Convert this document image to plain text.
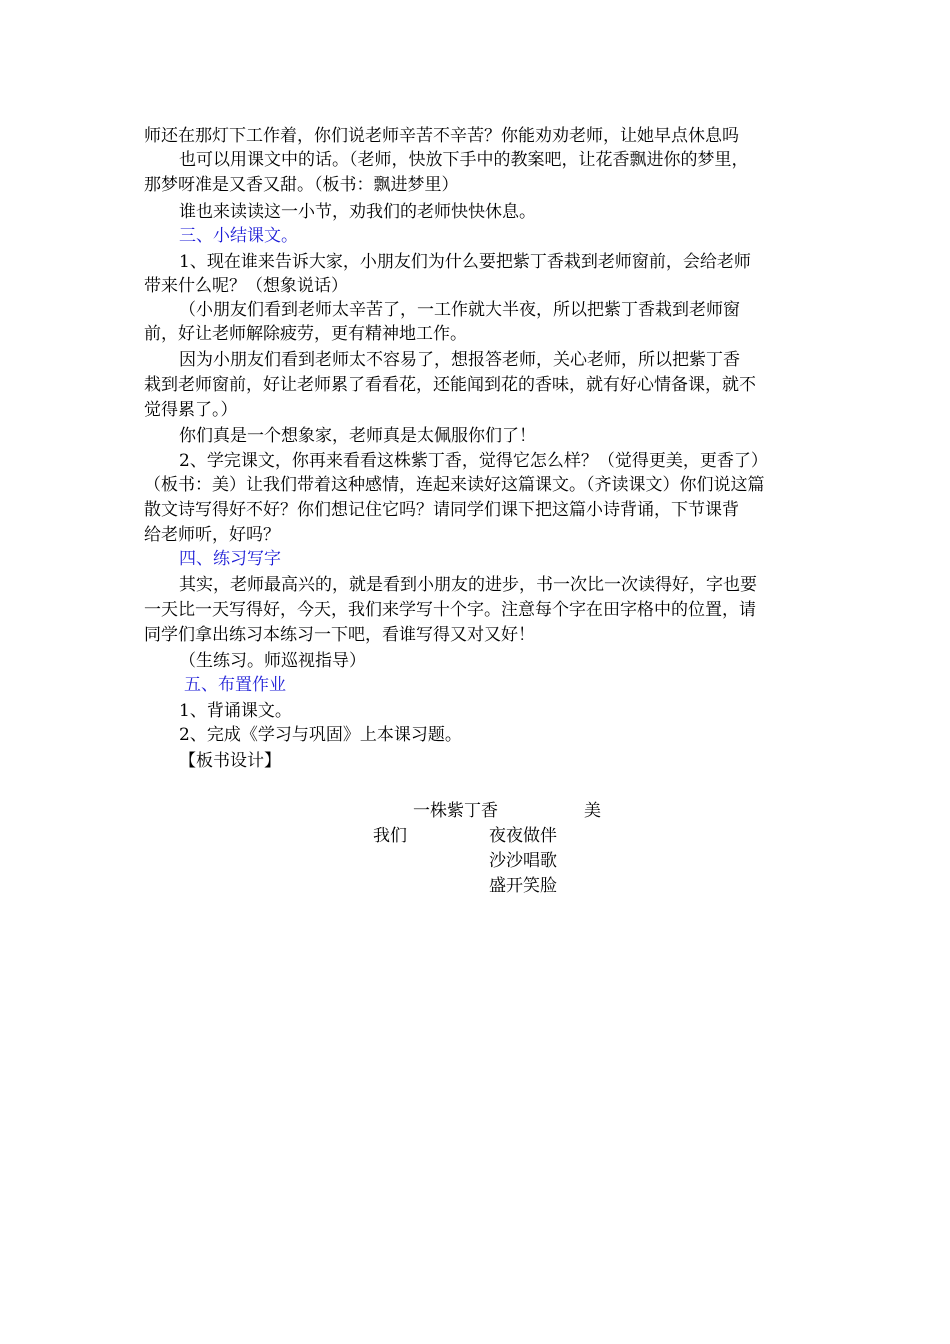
师还在那灯下工作着，你们说老师辛苦不辛苦？你能劝劝老师，让她早点休息吗
也可以用课文中的话。（老师，快放下手中的教案吧，让花香飘进你的梦里，
那梦呀准是又香又甜。（板书：飘进梦里）
谁也来读读这一小节，劝我们的老师快快休息。
三、小结课文。
1、现在谁来告诉大家，小朋友们为什么要把紫丁香栽到老师窗前，会给老师
带来什么呢？（想象说话）
（小朋友们看到老师太辛苦了，一工作就大半夜，所以把紫丁香栽到老师窗
前，好让老师解除疲劳，更有精神地工作。
因为小朋友们看到老师太不容易了，想报答老师，关心老师，所以把紫丁香
栽到老师窗前，好让老师累了看看花，还能闻到花的香味，就有好心情备课，就不
觉得累了。）
你们真是一个想象家，老师真是太佩服你们了！
2、学完课文，你再来看看这株紫丁香，觉得它怎么样？（觉得更美，更香了）
（板书：美）让我们带着这种感情，连起来读好这篇课文。（齐读课文）你们说这篇
散文诗写得好不好？你们想记住它吗？请同学们课下把这篇小诗背诵，下节课背
给老师听，好吗？
四、练习写字
其实，老师最高兴的，就是看到小朋友的进步，书一次比一次读得好，字也要
一天比一天写得好，今天，我们来学写十个字。注意每个字在田字格中的位置，请
同学们拿出练习本练习一下吧，看谁写得又对又好！
（生练习。师巡视指导）
五、布置作业
1、背诵课文。
2、完成《学习与巩固》上本课习题。
【板书设计】
一株紫丁香	美
我们	夜夜做伴
沙沙唱歌
盛开笑脸
